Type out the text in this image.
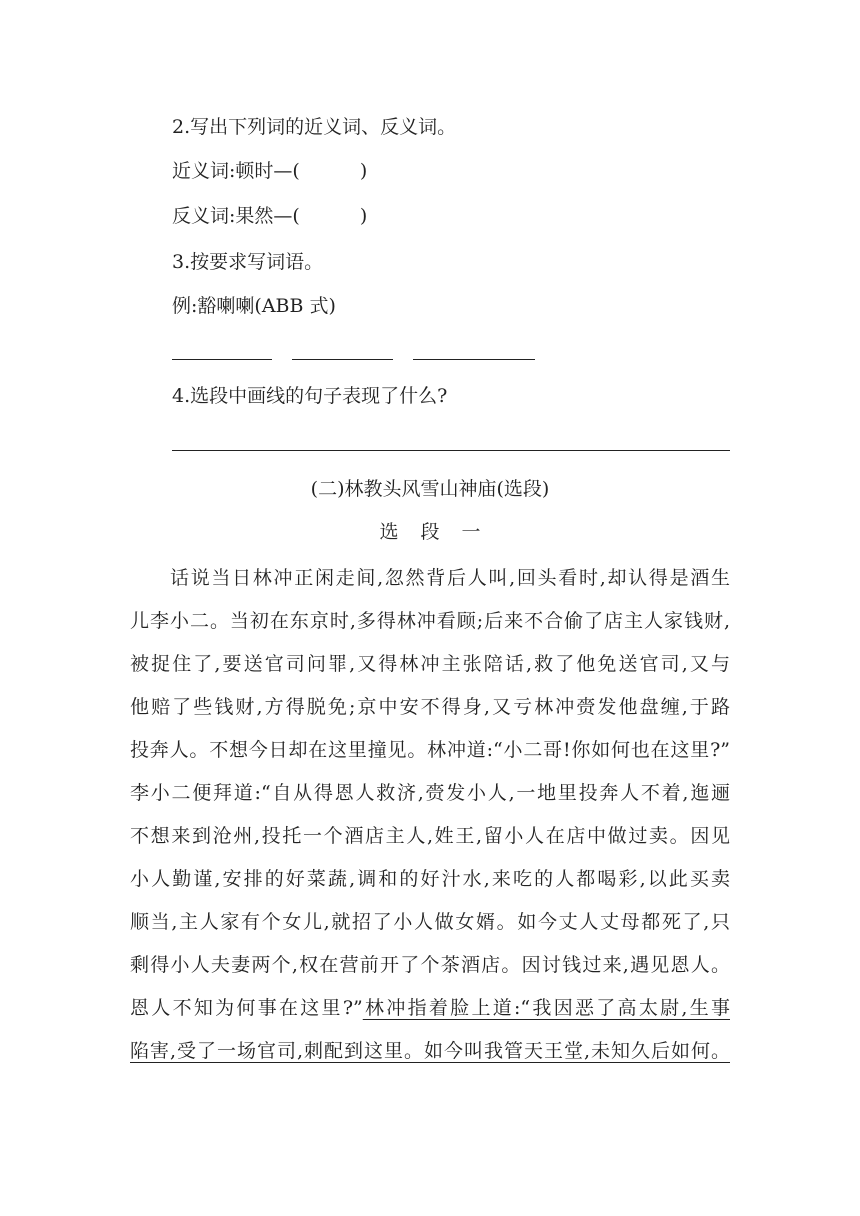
2.写出下列词的近义词、反义词。
近义词:顿时—(	)
反义词:果然—(	)
3.按要求写词语。
例:豁喇喇(ABB 式)
4.选段中画线的句子表现了什么?
(二)林教头风雪山神庙(选段)
选段一
话说当日林冲正闲走间,忽然背后人叫,回头看时,却认得是酒生
儿李小二。当初在东京时,多得林冲看顾;后来不合偷了店主人家钱财,
被捉住了,要送官司问罪,又得林冲主张陪话,救了他免送官司,又与
他赔了些钱财,方得脱免;京中安不得身,又亏林冲赍发他盘缠,于路
投奔人。不想今日却在这里撞见。林冲道:“小二哥!你如何也在这里?”
李小二便拜道:“自从得恩人救济,赍发小人,一地里投奔人不着,迤逦
不想来到沧州,投托一个酒店主人,姓王,留小人在店中做过卖。因见
小人勤谨,安排的好菜蔬,调和的好汁水,来吃的人都喝彩,以此买卖
顺当,主人家有个女儿,就招了小人做女婿。如今丈人丈母都死了,只
剩得小人夫妻两个,权在营前开了个茶酒店。因讨钱过来,遇见恩人。
恩人不知为何事在这里?”林冲指着脸上道:“我因恶了高太尉,生事
陷害,受了一场官司,刺配到这里。如今叫我管天王堂,未知久后如何。
